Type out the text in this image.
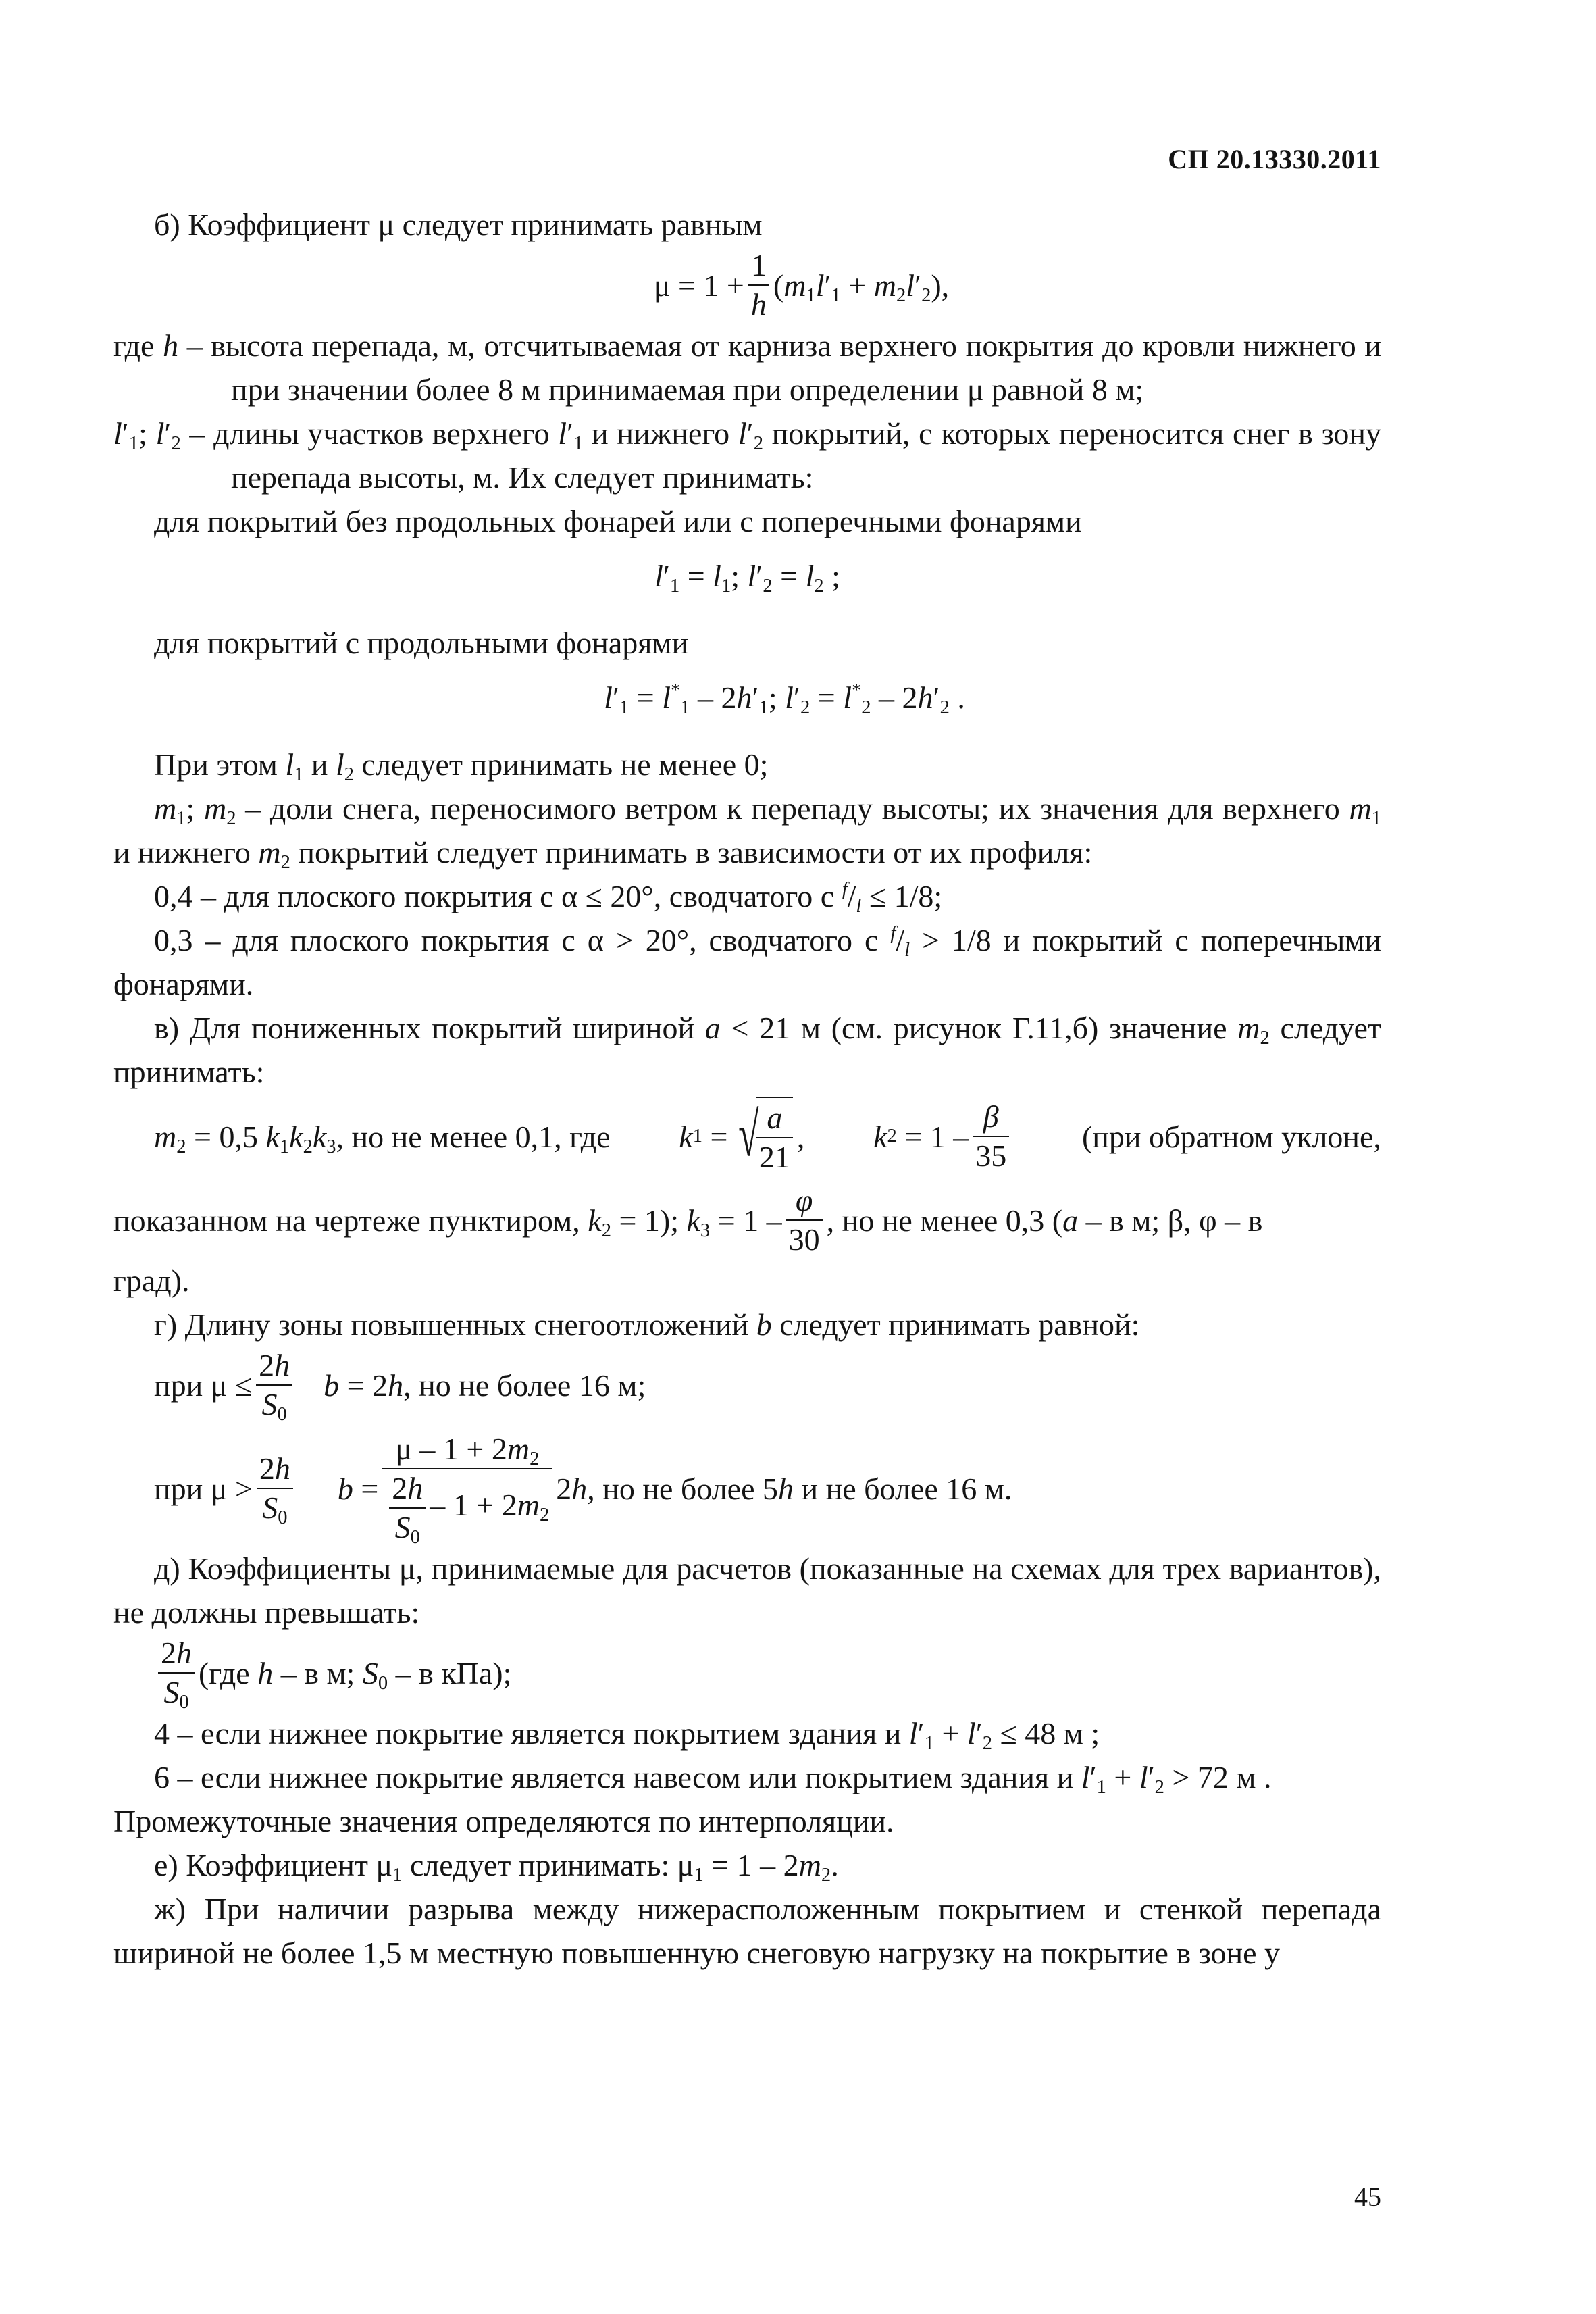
СП 20.13330.2011

б) Коэффициент μ следует принимать равным

$\mu = 1 + \frac{1}{h} (m_1l'_1 + m_2l'_2)$,

где h – высота перепада, м, отсчитываемая от карниза верхнего покрытия до кровли нижнего и при значении более 8 м принимаемая при определении μ равной 8 м;

$l'_1$; $l'_2$ – длины участков верхнего $l'_1$ и нижнего $l'_2$ покрытий, с которых переносится снег в зону перепада высоты, м. Их следует принимать:

для покрытий без продольных фонарей или с поперечными фонарями

$l'_1 = l_1$; $l'_2 = l_2$ ;

для покрытий с продольными фонарями

$l'_1 = l^*_1 - 2h'_1$; $l'_2 = l^*_2 - 2h'_2$ .

При этом $l_1$ и $l_2$ следует принимать не менее 0;

$m_1$; $m_2$ – доли снега, переносимого ветром к перепаду высоты; их значения для верхнего $m_1$ и нижнего $m_2$ покрытий следует принимать в зависимости от их профиля:

0,4 – для плоского покрытия с α ≤ 20°, сводчатого с $^f/_l \le 1/8$;

0,3 – для плоского покрытия с α > 20°, сводчатого с $^f/_l > 1/8$ и покрытий с поперечными фонарями.

в) Для пониженных покрытий шириной a < 21 м (см. рисунок Г.11,б) значение $m_2$ следует принимать:

$m_2 = 0,5$ $k_1k_2k_3$, но не менее 0,1, где k 1 = √
$\frac{a}{21}$ , k $2 = 1 - \frac{\beta}{35} (при$ обратном уклоне,
показанном на чертеже пунктиром, $k_2 = 1$); $k_3 = 1 - \frac{\varphi}{30}$ , но не менее 0,3 (a – в м; β, φ – в

град).

г) Длину зоны повышенных снегоотложений b следует принимать равной:

при $\mu \le \frac{2h}{S_0}$ b = 2h, но не более 16 м;
при $\mu > \frac{2h}{S_0}$ $b = \frac{\mu - 1 + 2m_2}{\frac{2h}{S_0} - 1 + 2m_2} 2h$, но не более 5h и не более 16 м.

д) Коэффициенты μ, принимаемые для расчетов (показанные на схемах для трех вариантов), не должны превышать:

$\frac{2h}{S_0} (где$ h – в м; $S_0$ – в кПа);

4 – если нижнее покрытие является покрытием здания и $l'_1 + l'_2 \le 48$ м ;

6 – если нижнее покрытие является навесом или покрытием здания и $l'_1 + l'_2 > 72$ м .

Промежуточные значения определяются по интерполяции.

е) Коэффициент $\mu_1$ следует принимать: $\mu_1 = 1 - 2m_2$.

ж) При наличии разрыва между нижерасположенным покрытием и стенкой перепада шириной не более 1,5 м местную повышенную снеговую нагрузку на покрытие в зоне у

45
